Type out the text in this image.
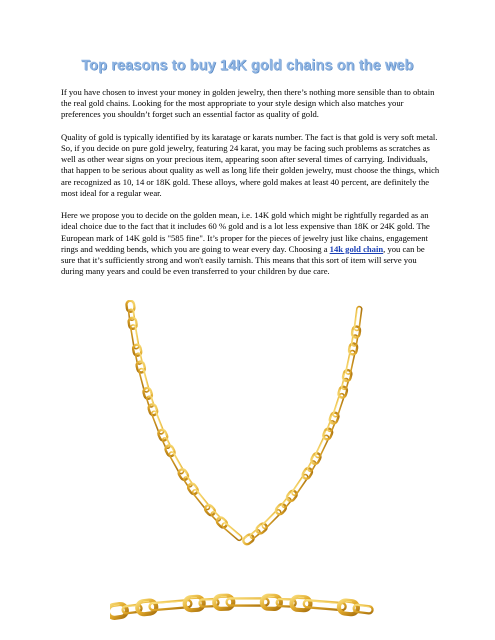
Top reasons to buy 14K gold chains on the web

If you have chosen to invest your money in golden jewelry, then there’s nothing more sensible than to obtain the real gold chains. Looking for the most appropriate to your style design which also matches your preferences you shouldn’t forget such an essential factor as quality of gold.

Quality of gold is typically identified by its karatage or karats number. The fact is that gold is very soft metal. So, if you decide on pure gold jewelry, featuring 24 karat, you may be facing such problems as scratches as well as other wear signs on your precious item, appearing soon after several times of carrying. Individuals, that happen to be serious about quality as well as long life their golden jewelry, must choose the things, which are recognized as 10, 14 or 18K gold. These alloys, where gold makes at least 40 percent, are definitely the most ideal for a regular wear.

Here we propose you to decide on the golden mean, i.e. 14K gold which might be rightfully regarded as an ideal choice due to the fact that it includes 60 % gold and is a lot less expensive than 18K or 24K gold. The European mark of 14K gold is "585 fine". It’s proper for the pieces of jewelry just like chains, engagement rings and wedding bends, which you are going to wear every day. Choosing a 14k gold chain, you can be sure that it’s sufficiently strong and won't easily tarnish. This means that this sort of item will serve you during many years and could be even transferred to your children by due care.
